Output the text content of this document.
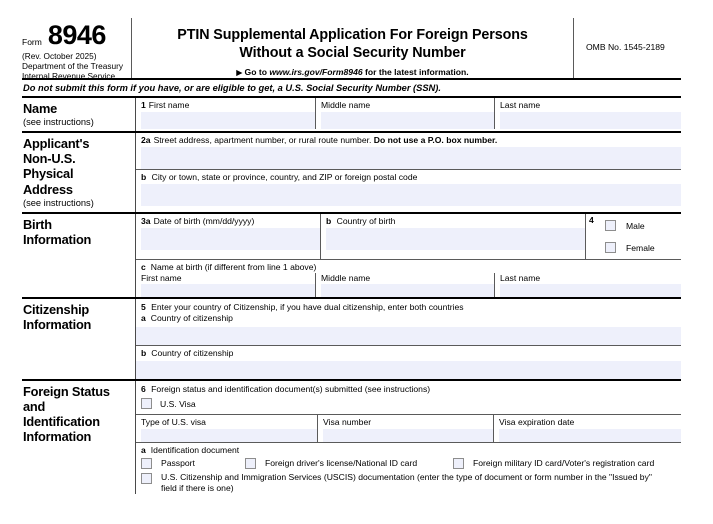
Form 8946
(Rev. October 2025)
Department of the Treasury
Internal Revenue Service
PTIN Supplemental Application For Foreign Persons
Without a Social Security Number
▶ Go to www.irs.gov/Form8946 for the latest information.
OMB No. 1545-2189
Do not submit this form if you have, or are eligible to get, a U.S. Social Security Number (SSN).
Name
(see instructions)
1 First name	Middle name	Last name
Applicant's
Non-U.S.
Physical
Address
(see instructions)
2a Street address, apartment number, or rural route number. Do not use a P.O. box number.
b City or town, state or province, country, and ZIP or foreign postal code
Birth
Information
3a Date of birth (mm/dd/yyyy)	b Country of birth	4
Male
Female
c Name at birth (if different from line 1 above)
First name	Middle name	Last name
Citizenship
Information
5 Enter your country of Citizenship, if you have dual citizenship, enter both countries
a Country of citizenship
b Country of citizenship
Foreign Status
and
Identification
Information
6 Foreign status and identification document(s) submitted (see instructions)
U.S. Visa
Type of U.S. visa	Visa number	Visa expiration date
a Identification document
Passport	Foreign driver's license/National ID card	Foreign military ID card/Voter's registration card
U.S. Citizenship and Immigration Services (USCIS) documentation (enter the type of document or form number in the "Issued by" field if there is one)
